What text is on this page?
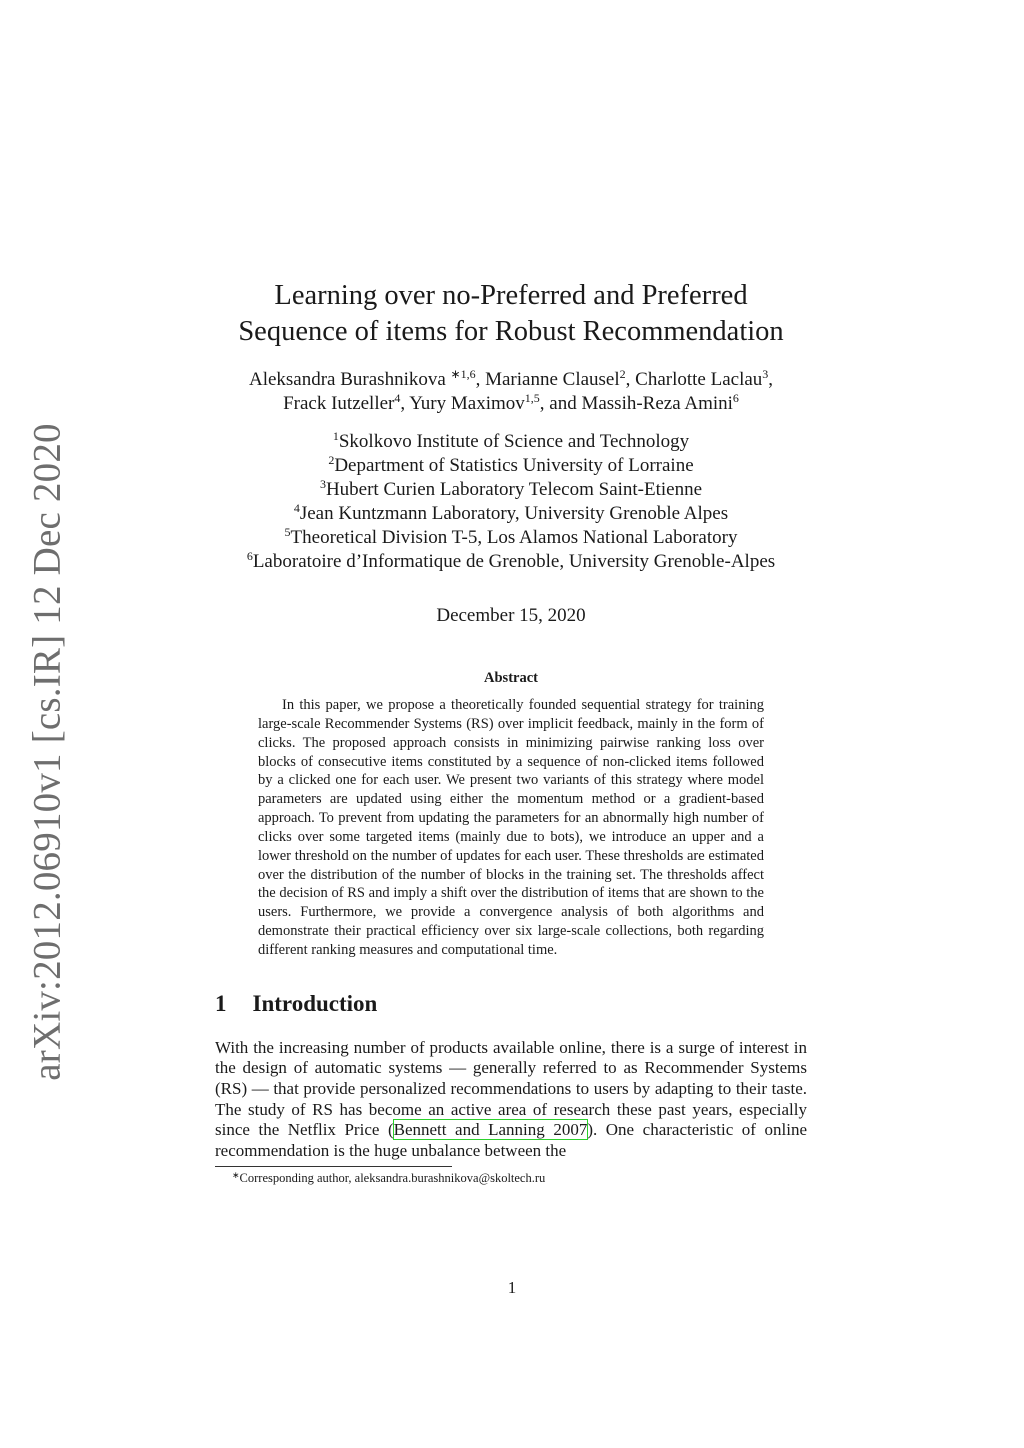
arXiv:2012.06910v1 [cs.IR] 12 Dec 2020
Learning over no-Preferred and Preferred
Sequence of items for Robust Recommendation
Aleksandra Burashnikova $^{∗1,6}$, Marianne Clausel$^2$, Charlotte Laclau$^3$,
Frack Iutzeller$^4$, Yury Maximov$^{1,5}$, and Massih-Reza Amini$^6$
$^1$Skolkovo Institute of Science and Technology
$^2$Department of Statistics University of Lorraine
$^3$Hubert Curien Laboratory Telecom Saint-Etienne
$^4$Jean Kuntzmann Laboratory, University Grenoble Alpes
$^5$Theoretical Division T-5, Los Alamos National Laboratory
$^6$Laboratoire d’Informatique de Grenoble, University Grenoble-Alpes
December 15, 2020
Abstract
In this paper, we propose a theoretically founded sequential strategy for training large-scale Recommender Systems (RS) over implicit feedback, mainly in the form of clicks. The proposed approach consists in minimizing pairwise ranking loss over blocks of consecutive items constituted by a sequence of non-clicked items followed by a clicked one for each user. We present two variants of this strategy where model parameters are updated using either the momentum method or a gradient-based approach. To prevent from updating the parameters for an abnormally high number of clicks over some targeted items (mainly due to bots), we introduce an upper and a lower threshold on the number of updates for each user. These thresholds are estimated over the distribution of the number of blocks in the training set. The thresholds affect the decision of RS and imply a shift over the distribution of items that are shown to the users. Furthermore, we provide a convergence analysis of both algorithms and demonstrate their practical efficiency over six large-scale collections, both regarding different ranking measures and computational time.
1 Introduction
With the increasing number of products available online, there is a surge of interest in the design of automatic systems — generally referred to as Recommender Systems (RS) — that provide personalized recommendations to users by adapting to their taste. The study of RS has become an active area of research these past years, especially since the Netflix Price (Bennett and Lanning 2007). One characteristic of online recommendation is the huge unbalance between the
∗Corresponding author, aleksandra.burashnikova@skoltech.ru
1
